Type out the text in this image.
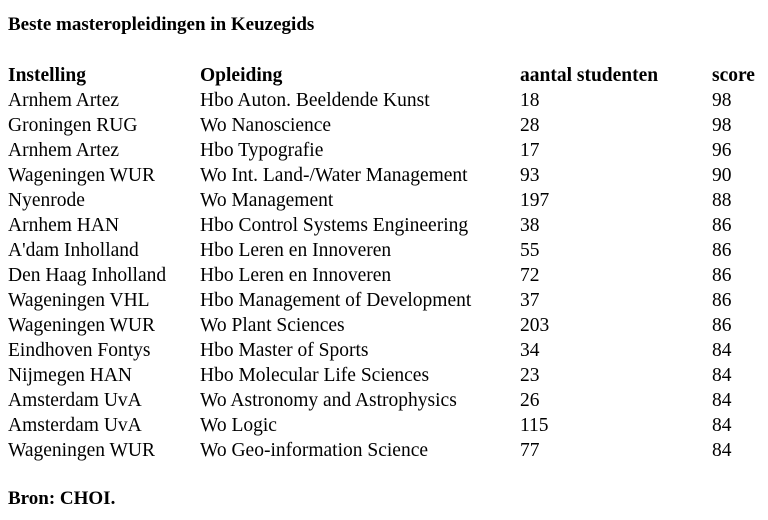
Beste masteropleidingen in Keuzegids
Instelling	Opleiding	aantal studenten	score
Arnhem Artez	Hbo Auton. Beeldende Kunst	18	98
Groningen RUG	Wo Nanoscience	28	98
Arnhem Artez	Hbo Typografie	17	96
Wageningen WUR	Wo Int. Land-/Water Management	93	90
Nyenrode	Wo Management	197	88
Arnhem HAN	Hbo Control Systems Engineering	38	86
A'dam Inholland	Hbo Leren en Innoveren	55	86
Den Haag Inholland	Hbo Leren en Innoveren	72	86
Wageningen VHL	Hbo Management of Development	37	86
Wageningen WUR	Wo Plant Sciences	203	86
Eindhoven Fontys	Hbo Master of Sports	34	84
Nijmegen HAN	Hbo Molecular Life Sciences	23	84
Amsterdam UvA	Wo Astronomy and Astrophysics	26	84
Amsterdam UvA	Wo Logic	115	84
Wageningen WUR	Wo Geo-information Science	77	84
Bron: CHOI.
